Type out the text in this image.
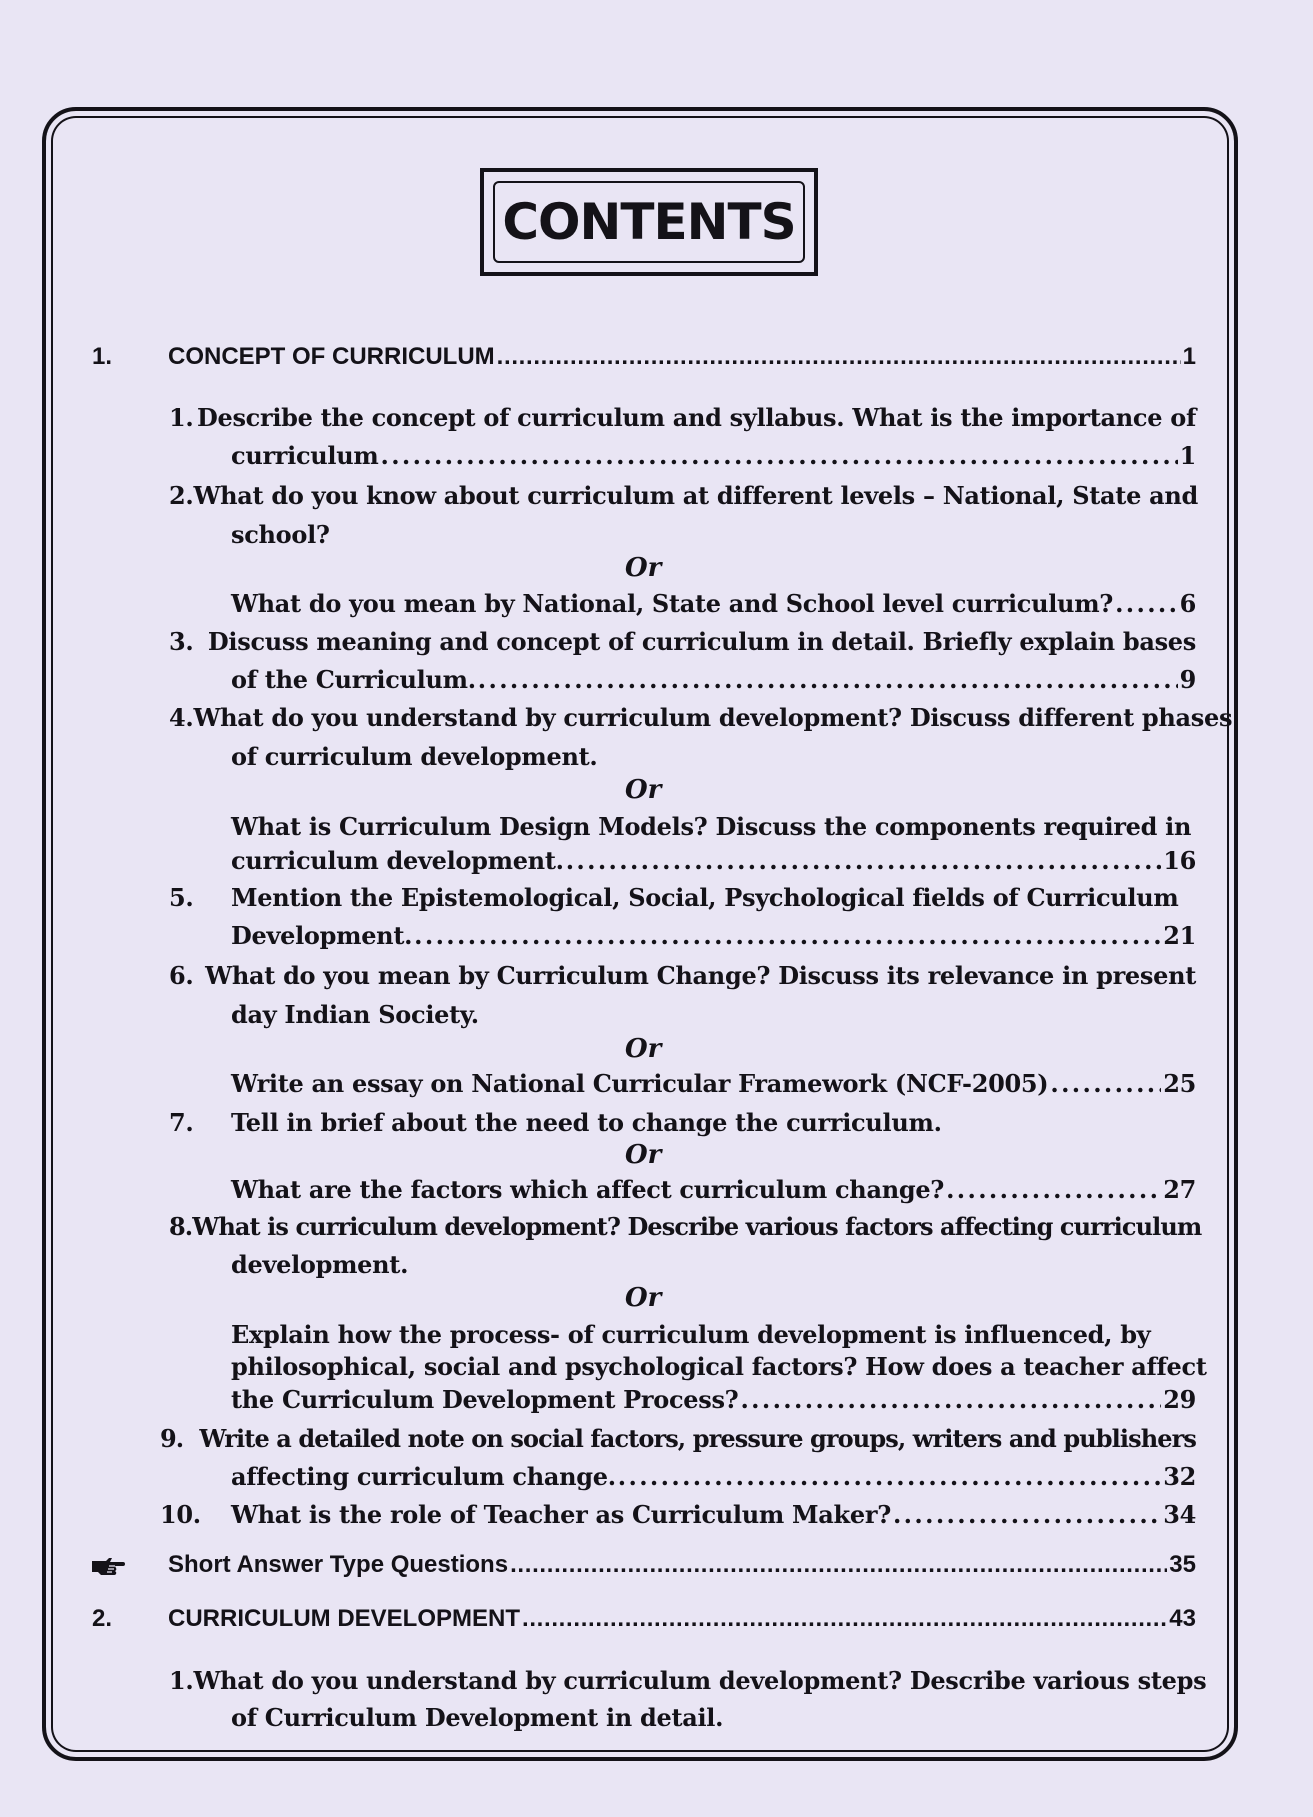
CONTENTS
1.	CONCEPT OF CURRICULUM . . .	1
1. Describe the concept of curriculum and syllabus. What is the importance of
curriculum . . .	1
2. What do you know about curriculum at different levels – National, State and
school?
Or
What do you mean by National, State and School level curriculum? . . .	6
3. Discuss meaning and concept of curriculum in detail. Briefly explain bases
of the Curriculum. . . .	9
4. What do you understand by curriculum development? Discuss different phases
of curriculum development.
Or
What is Curriculum Design Models? Discuss the components required in
curriculum development. . . .	16
5.	Mention the Epistemological, Social, Psychological fields of Curriculum
Development. . . .	21
6. What do you mean by Curriculum Change? Discuss its relevance in present
day Indian Society.
Or
Write an essay on National Curricular Framework (NCF-2005) . . .	25
7.	Tell in brief about the need to change the curriculum.
Or
What are the factors which affect curriculum change? . . .	27
8. What is curriculum development? Describe various factors affecting curriculum
development.
Or
Explain how the process- of curriculum development is influenced, by
philosophical, social and psychological factors? How does a teacher affect
the Curriculum Development Process? . . .	29
9. Write a detailed note on social factors, pressure groups, writers and publishers
affecting curriculum change. . . .	32
10.	What is the role of Teacher as Curriculum Maker? . . .	34
Short Answer Type Questions . . .	35
2.	CURRICULUM DEVELOPMENT . . .	43
1. What do you understand by curriculum development? Describe various steps
of Curriculum Development in detail.
